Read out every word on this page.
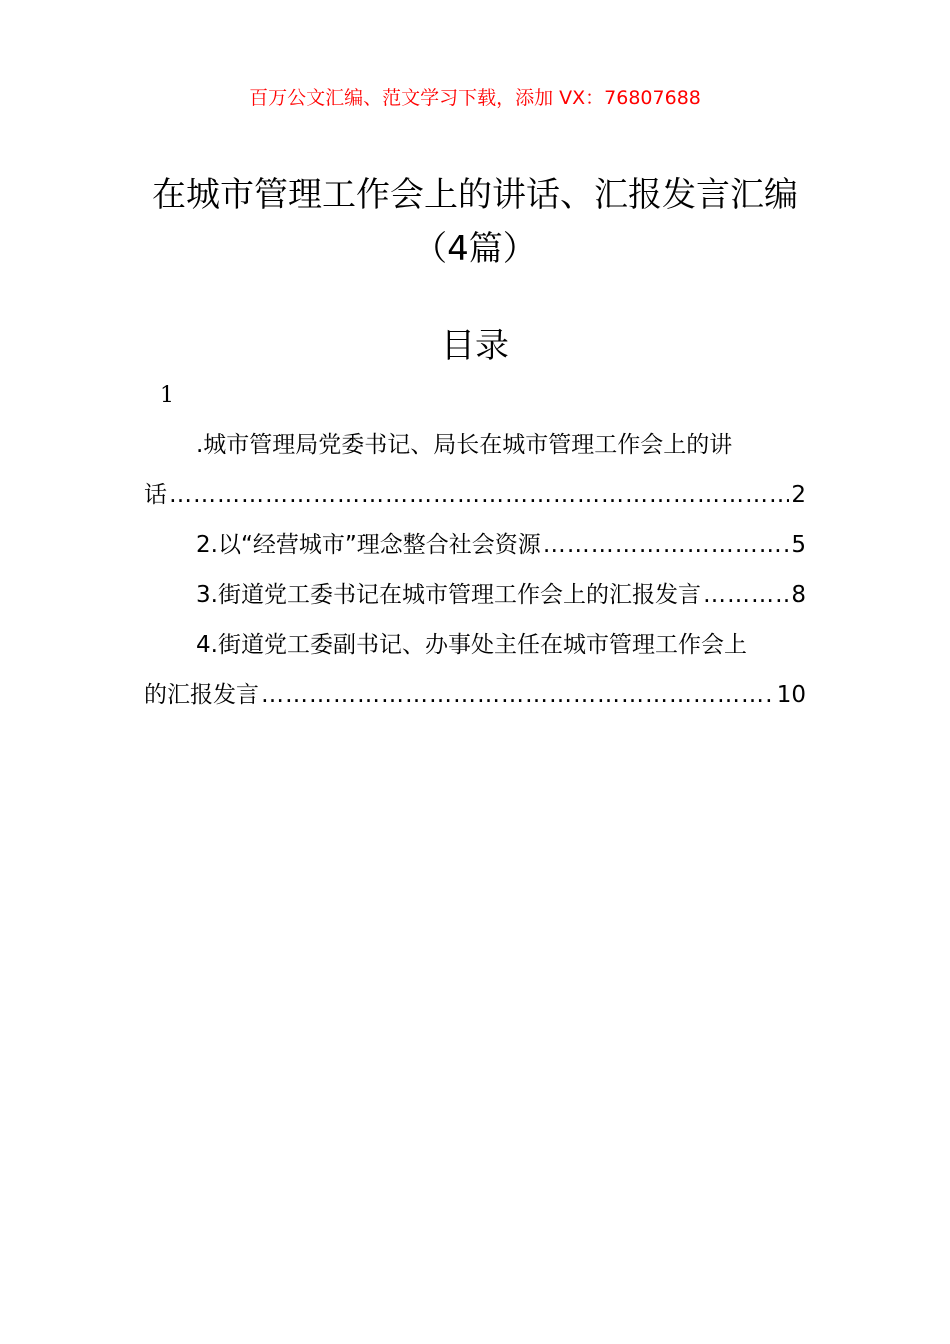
百万公文汇编、范文学习下载，添加 VX：76807688
在城市管理工作会上的讲话、汇报发言汇编（4篇）
目录
1
.城市管理局党委书记、局长在城市管理工作会上的讲
话 ………………………………………………………………………………………………………………………………………………………………	2
2.以“经营城市”理念整合社会资源 ………………………………………………………………………………………………………………………………………………………………	5
3.街道党工委书记在城市管理工作会上的汇报发言 ………………………………………………………………………………………………………………………………………………………………	8
4.街道党工委副书记、办事处主任在城市管理工作会上
的汇报发言 ………………………………………………………………………………………………………………………………………………………………	10
